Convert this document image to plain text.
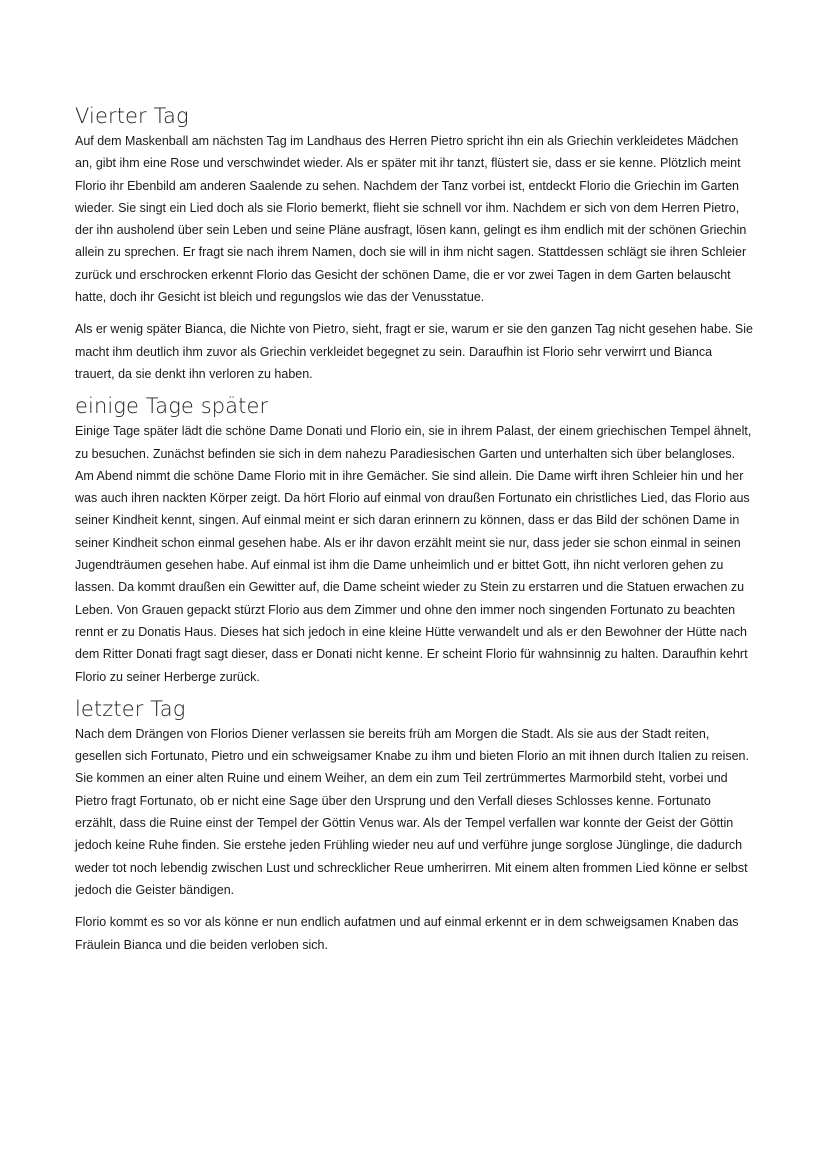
Vierter Tag

Auf dem Maskenball am nächsten Tag im Landhaus des Herren Pietro spricht ihn ein als Griechin verkleidetes Mädchen an, gibt ihm eine Rose und verschwindet wieder. Als er später mit ihr tanzt, flüstert sie, dass er sie kenne. Plötzlich meint Florio ihr Ebenbild am anderen Saalende zu sehen. Nachdem der Tanz vorbei ist, entdeckt Florio die Griechin im Garten wieder. Sie singt ein Lied doch als sie Florio bemerkt, flieht sie schnell vor ihm. Nachdem er sich von dem Herren Pietro, der ihn ausholend über sein Leben und seine Pläne ausfragt, lösen kann, gelingt es ihm endlich mit der schönen Griechin allein zu sprechen. Er fragt sie nach ihrem Namen, doch sie will in ihm nicht sagen. Stattdessen schlägt sie ihren Schleier zurück und erschrocken erkennt Florio das Gesicht der schönen Dame, die er vor zwei Tagen in dem Garten belauscht hatte, doch ihr Gesicht ist bleich und regungslos wie das der Venusstatue.

Als er wenig später Bianca, die Nichte von Pietro, sieht, fragt er sie, warum er sie den ganzen Tag nicht gesehen habe. Sie macht ihm deutlich ihm zuvor als Griechin verkleidet begegnet zu sein. Daraufhin ist Florio sehr verwirrt und Bianca trauert, da sie denkt ihn verloren zu haben.

einige Tage später

Einige Tage später lädt die schöne Dame Donati und Florio ein, sie in ihrem Palast, der einem griechischen Tempel ähnelt, zu besuchen. Zunächst befinden sie sich in dem nahezu Paradiesischen Garten und unterhalten sich über belangloses. Am Abend nimmt die schöne Dame Florio mit in ihre Gemächer. Sie sind allein. Die Dame wirft ihren Schleier hin und her was auch ihren nackten Körper zeigt. Da hört Florio auf einmal von draußen Fortunato ein christliches Lied, das Florio aus seiner Kindheit kennt, singen. Auf einmal meint er sich daran erinnern zu können, dass er das Bild der schönen Dame in seiner Kindheit schon einmal gesehen habe. Als er ihr davon erzählt meint sie nur, dass jeder sie schon einmal in seinen Jugendträumen gesehen habe. Auf einmal ist ihm die Dame unheimlich und er bittet Gott, ihn nicht verloren gehen zu lassen. Da kommt draußen ein Gewitter auf, die Dame scheint wieder zu Stein zu erstarren und die Statuen erwachen zu Leben. Von Grauen gepackt stürzt Florio aus dem Zimmer und ohne den immer noch singenden Fortunato zu beachten rennt er zu Donatis Haus. Dieses hat sich jedoch in eine kleine Hütte verwandelt und als er den Bewohner der Hütte nach dem Ritter Donati fragt sagt dieser, dass er Donati nicht kenne. Er scheint Florio für wahnsinnig zu halten. Daraufhin kehrt Florio zu seiner Herberge zurück.

letzter Tag

Nach dem Drängen von Florios Diener verlassen sie bereits früh am Morgen die Stadt. Als sie aus der Stadt reiten, gesellen sich Fortunato, Pietro und ein schweigsamer Knabe zu ihm und bieten Florio an mit ihnen durch Italien zu reisen. Sie kommen an einer alten Ruine und einem Weiher, an dem ein zum Teil zertrümmertes Marmorbild steht, vorbei und Pietro fragt Fortunato, ob er nicht eine Sage über den Ursprung und den Verfall dieses Schlosses kenne. Fortunato erzählt, dass die Ruine einst der Tempel der Göttin Venus war. Als der Tempel verfallen war konnte der Geist der Göttin jedoch keine Ruhe finden. Sie erstehe jeden Frühling wieder neu auf und verführe junge sorglose Jünglinge, die dadurch weder tot noch lebendig zwischen Lust und schrecklicher Reue umherirren. Mit einem alten frommen Lied könne er selbst jedoch die Geister bändigen.

Florio kommt es so vor als könne er nun endlich aufatmen und auf einmal erkennt er in dem schweigsamen Knaben das Fräulein Bianca und die beiden verloben sich.
